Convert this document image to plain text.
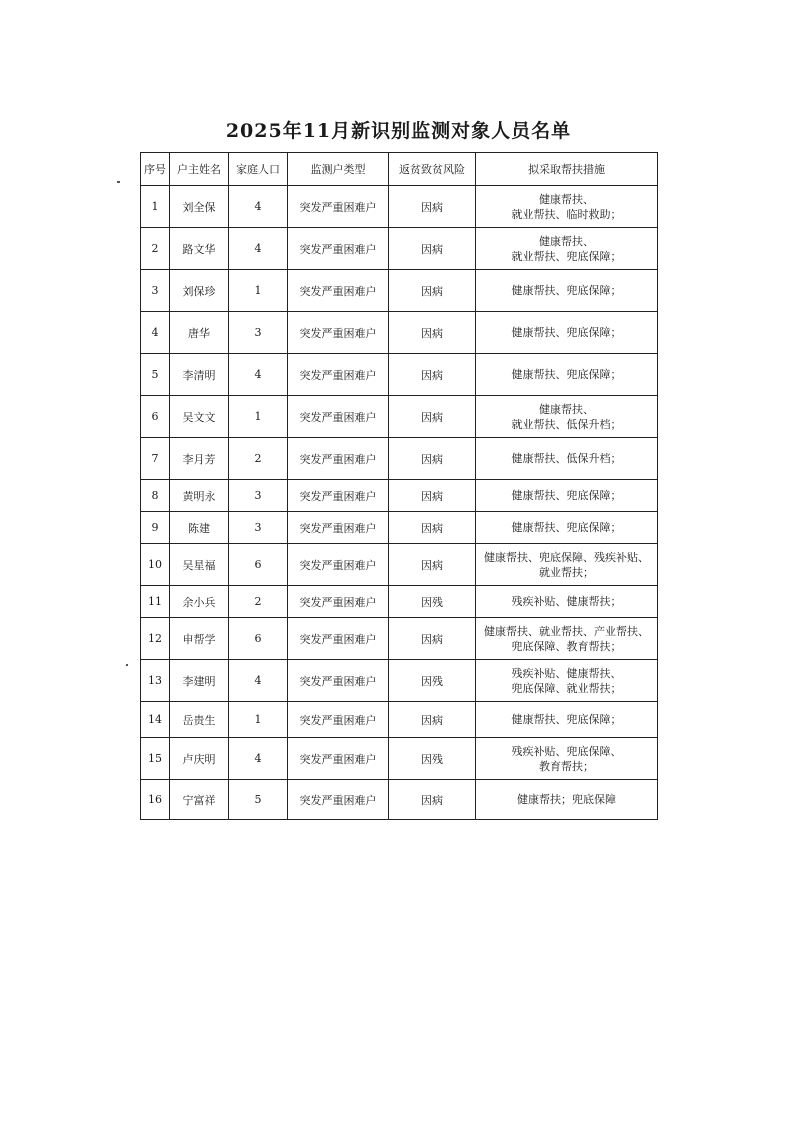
2025年11月新识别监测对象人员名单
序号	户主姓名	家庭人口	监测户类型	返贫致贫风险	拟采取帮扶措施
1	刘全保	4	突发严重困难户	因病	健康帮扶、
就业帮扶、临时救助；

2	路文华	4	突发严重困难户	因病	健康帮扶、
就业帮扶、兜底保障；

3	刘保珍	1	突发严重困难户	因病	健康帮扶、兜底保障；

4	唐华	3	突发严重困难户	因病	健康帮扶、兜底保障；

5	李清明	4	突发严重困难户	因病	健康帮扶、兜底保障；

6	吴文文	1	突发严重困难户	因病	健康帮扶、
就业帮扶、低保升档；

7	李月芳	2	突发严重困难户	因病	健康帮扶、低保升档；

8	黄明永	3	突发严重困难户	因病	健康帮扶、兜底保障；

9	陈建	3	突发严重困难户	因病	健康帮扶、兜底保障；

10	吴星福	6	突发严重困难户	因病	健康帮扶、兜底保障、残疾补贴、
就业帮扶；

11	余小兵	2	突发严重困难户	因残	残疾补贴、健康帮扶；

12	申帮学	6	突发严重困难户	因病	健康帮扶、就业帮扶、产业帮扶、
兜底保障、教育帮扶；

13	李建明	4	突发严重困难户	因残	残疾补贴、健康帮扶、
兜底保障、就业帮扶；

14	岳贵生	1	突发严重困难户	因病	健康帮扶、兜底保障；

15	卢庆明	4	突发严重困难户	因残	残疾补贴、兜底保障、
教育帮扶；

16	宁富祥	5	突发严重困难户	因病	健康帮扶；兜底保障
